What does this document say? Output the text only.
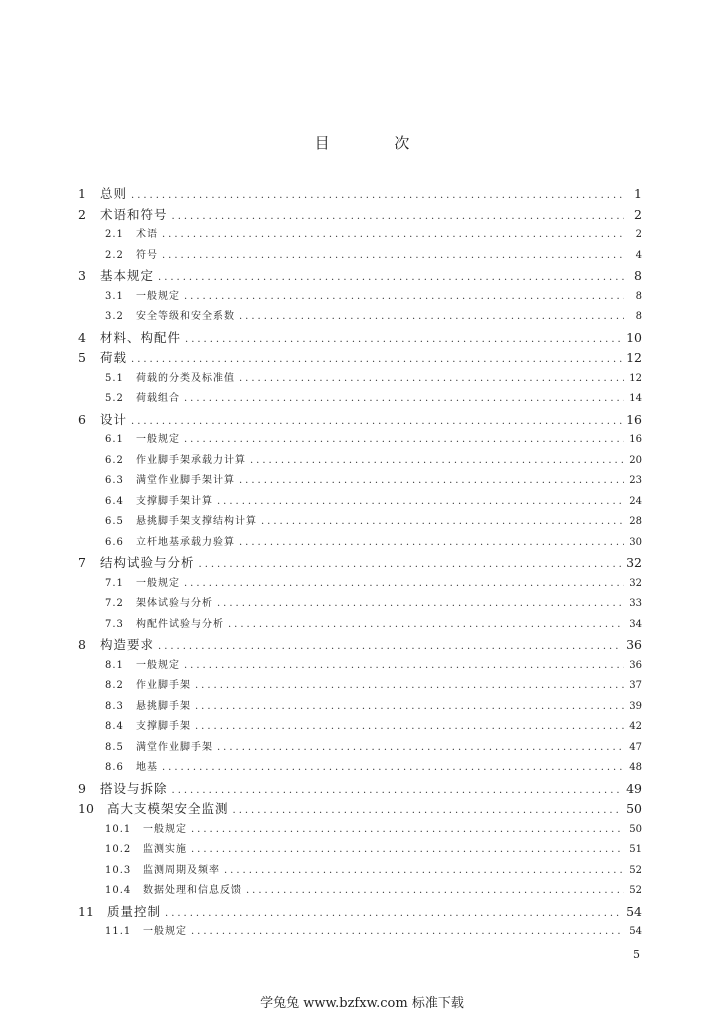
目 次
1	总则 .....	1
2	术语和符号 .....	2
2.1	术语 .....	2
2.2	符号 .....	4
3	基本规定 .....	8
3.1	一般规定 .....	8
3.2	安全等级和安全系数 .....	8
4	材料、构配件 .....	10
5	荷载 .....	12
5.1	荷载的分类及标准值 .....	12
5.2	荷载组合 .....	14
6	设计 .....	16
6.1	一般规定 .....	16
6.2	作业脚手架承载力计算 .....	20
6.3	满堂作业脚手架计算 .....	23
6.4	支撑脚手架计算 .....	24
6.5	悬挑脚手架支撑结构计算 .....	28
6.6	立杆地基承载力验算 .....	30
7	结构试验与分析 .....	32
7.1	一般规定 .....	32
7.2	架体试验与分析 .....	33
7.3	构配件试验与分析 .....	34
8	构造要求 .....	36
8.1	一般规定 .....	36
8.2	作业脚手架 .....	37
8.3	悬挑脚手架 .....	39
8.4	支撑脚手架 .....	42
8.5	满堂作业脚手架 .....	47
8.6	地基 .....	48
9	搭设与拆除 .....	49
10	高大支模架安全监测 .....	50
10.1	一般规定 .....	50
10.2	监测实施 .....	51
10.3	监测周期及频率 .....	52
10.4	数据处理和信息反馈 .....	52
11	质量控制 .....	54
11.1	一般规定 .....	54
5
学兔兔 www.bzfxw.com 标准下载
